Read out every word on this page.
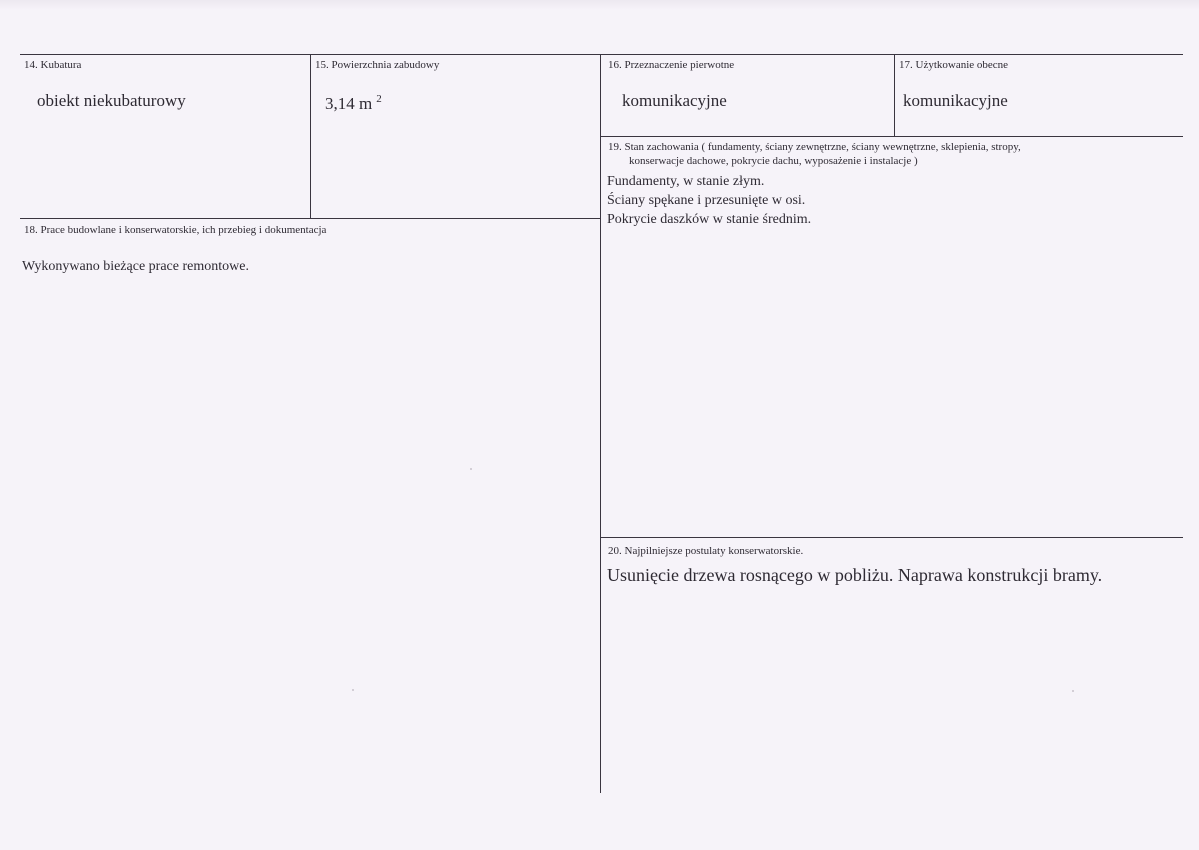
14. Kubatura
obiekt niekubaturowy
15. Powierzchnia zabudowy
3,14 m $^2$
16. Przeznaczenie pierwotne
komunikacyjne
17. Użytkowanie obecne
komunikacyjne
18. Prace budowlane i konserwatorskie, ich przebieg i dokumentacja
Wykonywano bieżące prace remontowe.
19. Stan zachowania ( fundamenty, ściany zewnętrzne, ściany wewnętrzne, sklepienia, stropy,
konserwacje dachowe, pokrycie dachu, wyposażenie i instalacje )
Fundamenty, w stanie złym.
Ściany spękane i przesunięte w osi.
Pokrycie daszków w stanie średnim.
20. Najpilniejsze postulaty konserwatorskie.
Usunięcie drzewa rosnącego w pobliżu. Naprawa konstrukcji bramy.
